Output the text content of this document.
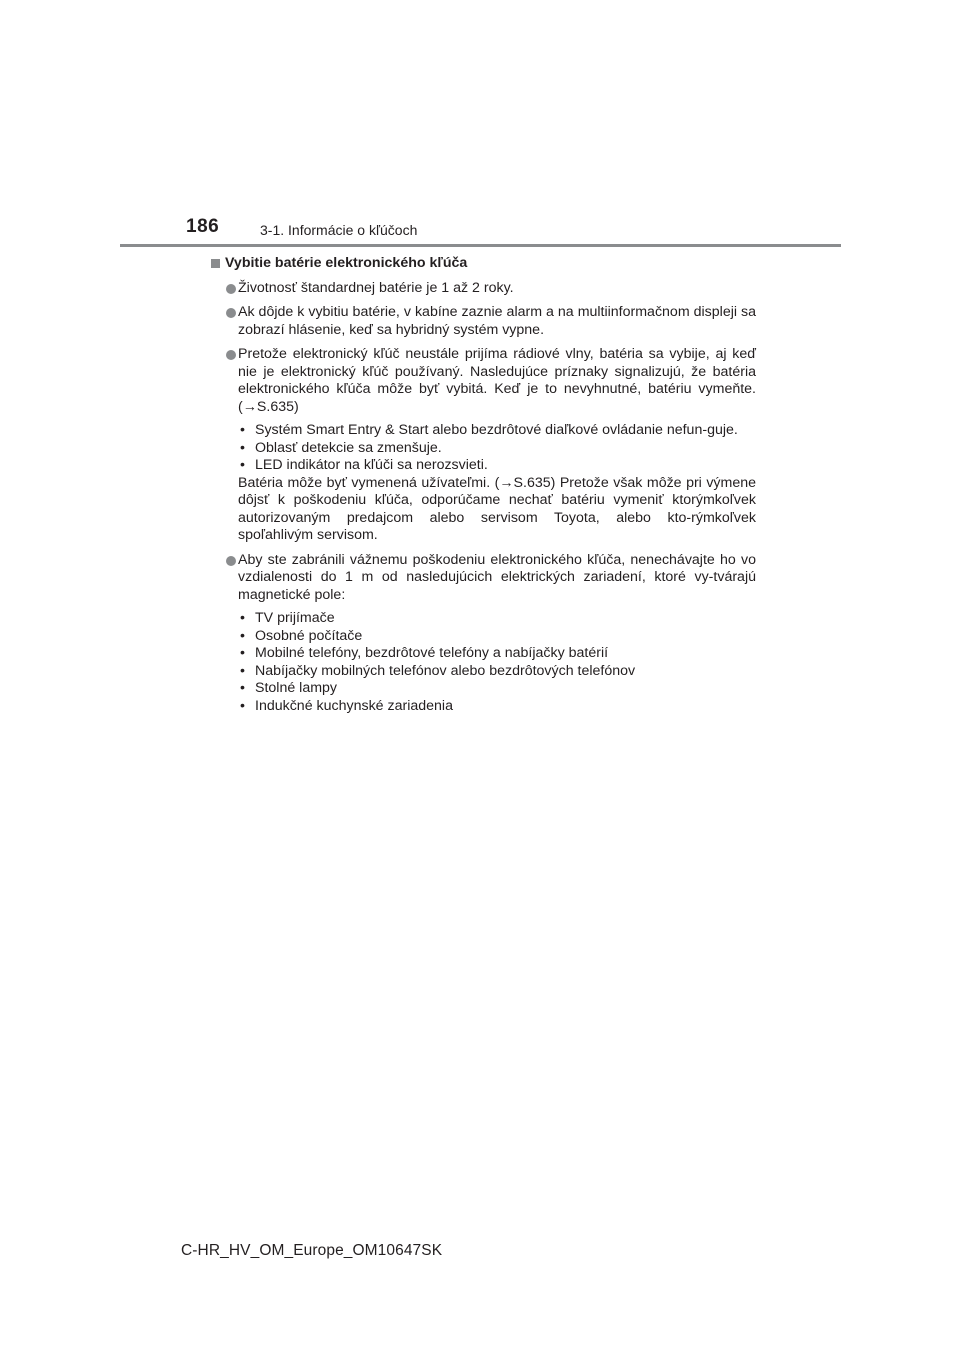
186	3-1. Informácie o kľúčoch
Vybitie batérie elektronického kľúča

Životnosť štandardnej batérie je 1 až 2 roky.

Ak dôjde k vybitiu batérie, v kabíne zaznie alarm a na multiinformačnom displeji sa zobrazí hlásenie, keď sa hybridný systém vypne.

Pretože elektronický kľúč neustále prijíma rádiové vlny, batéria sa vybije, aj keď nie je elektronický kľúč používaný. Nasledujúce príznaky signalizujú, že batéria elektronického kľúča môže byť vybitá. Keď je to nevyhnutné, batériu vymeňte. (→S.635)

• Systém Smart Entry & Start alebo bezdrôtové diaľkové ovládanie nefun-guje.
• Oblasť detekcie sa zmenšuje.
• LED indikátor na kľúči sa nerozsvieti.

Batéria môže byť vymenená užívateľmi. (→S.635) Pretože však môže pri výmene dôjsť k poškodeniu kľúča, odporúčame nechať batériu vymeniť ktorýmkoľvek autorizovaným predajcom alebo servisom Toyota, alebo kto-rýmkoľvek spoľahlivým servisom.

Aby ste zabránili vážnemu poškodeniu elektronického kľúča, nenechávajte ho vo vzdialenosti do 1 m od nasledujúcich elektrických zariadení, ktoré vy-tvárajú magnetické pole:

• TV prijímače
• Osobné počítače
• Mobilné telefóny, bezdrôtové telefóny a nabíjačky batérií
• Nabíjačky mobilných telefónov alebo bezdrôtových telefónov
• Stolné lampy
• Indukčné kuchynské zariadenia
C-HR_HV_OM_Europe_OM10647SK
